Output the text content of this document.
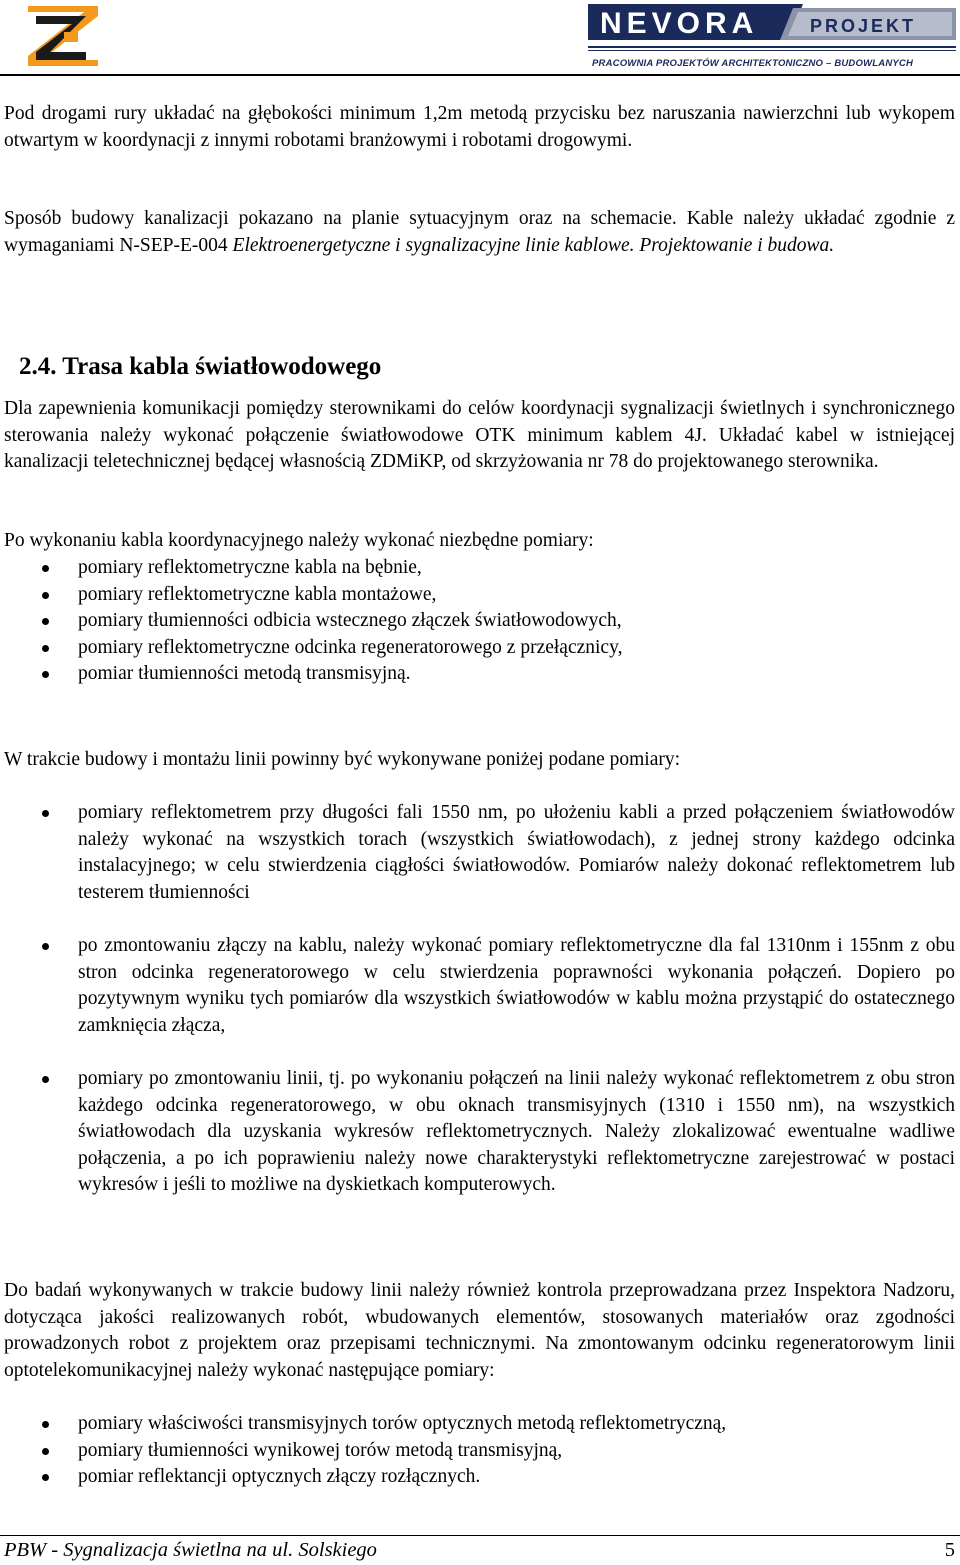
NEVORA	PROJEKT
PRACOWNIA PROJEKTÓW ARCHITEKTONICZNO – BUDOWLANYCH

Pod drogami rury układać na głębokości minimum 1,2m metodą przycisku bez naruszania nawierzchni lub wykopem otwartym w koordynacji z innymi robotami branżowymi i robotami drogowymi.

Sposób budowy kanalizacji pokazano na planie sytuacyjnym oraz na schemacie. Kable należy układać zgodnie z wymaganiami N-SEP-E-004 Elektroenergetyczne i sygnalizacyjne linie kablowe. Projektowanie i budowa.

2.4. Trasa kabla światłowodowego

Dla zapewnienia komunikacji pomiędzy sterownikami do celów koordynacji sygnalizacji świetlnych i synchronicznego sterowania należy wykonać połączenie światłowodowe OTK minimum kablem 4J. Układać kabel w istniejącej kanalizacji teletechnicznej będącej własnością ZDMiKP, od skrzyżowania nr 78 do projektowanego sterownika.

Po wykonaniu kabla koordynacyjnego należy wykonać niezbędne pomiary:

pomiary reflektometryczne kabla na bębnie,
pomiary reflektometryczne kabla montażowe,
pomiary tłumienności odbicia wstecznego złączek światłowodowych,
pomiary reflektometryczne odcinka regeneratorowego z przełącznicy,
pomiar tłumienności metodą transmisyjną.

W trakcie budowy i montażu linii powinny być wykonywane poniżej podane pomiary:

pomiary reflektometrem przy długości fali 1550 nm, po ułożeniu kabli a przed połączeniem światłowodów należy wykonać na wszystkich torach (wszystkich światłowodach), z jednej strony każdego odcinka instalacyjnego; w celu stwierdzenia ciągłości światłowodów. Pomiarów należy dokonać reflektometrem lub testerem tłumienności
po zmontowaniu złączy na kablu, należy wykonać pomiary reflektometryczne dla fal 1310nm i 155nm z obu stron odcinka regeneratorowego w celu stwierdzenia poprawności wykonania połączeń. Dopiero po pozytywnym wyniku tych pomiarów dla wszystkich światłowodów w kablu można przystąpić do ostatecznego zamknięcia złącza,
pomiary po zmontowaniu linii, tj. po wykonaniu połączeń na linii należy wykonać reflektometrem z obu stron każdego odcinka regeneratorowego, w obu oknach transmisyjnych (1310 i 1550 nm), na wszystkich światłowodach dla uzyskania wykresów reflektometrycznych. Należy zlokalizować ewentualne wadliwe połączenia, a po ich poprawieniu należy nowe charakterystyki reflektometryczne zarejestrować w postaci wykresów i jeśli to możliwe na dyskietkach komputerowych.

Do badań wykonywanych w trakcie budowy linii należy również kontrola przeprowadzana przez Inspektora Nadzoru, dotycząca jakości realizowanych robót, wbudowanych elementów, stosowanych materiałów oraz zgodności prowadzonych robot z projektem oraz przepisami technicznymi. Na zmontowanym odcinku regeneratorowym linii optotelekomunikacyjnej należy wykonać następujące pomiary:

pomiary właściwości transmisyjnych torów optycznych metodą reflektometryczną,
pomiary tłumienności wynikowej torów metodą transmisyjną,
pomiar reflektancji optycznych złączy rozłącznych.
PBW - Sygnalizacja świetlna na ul. Solskiego	5
